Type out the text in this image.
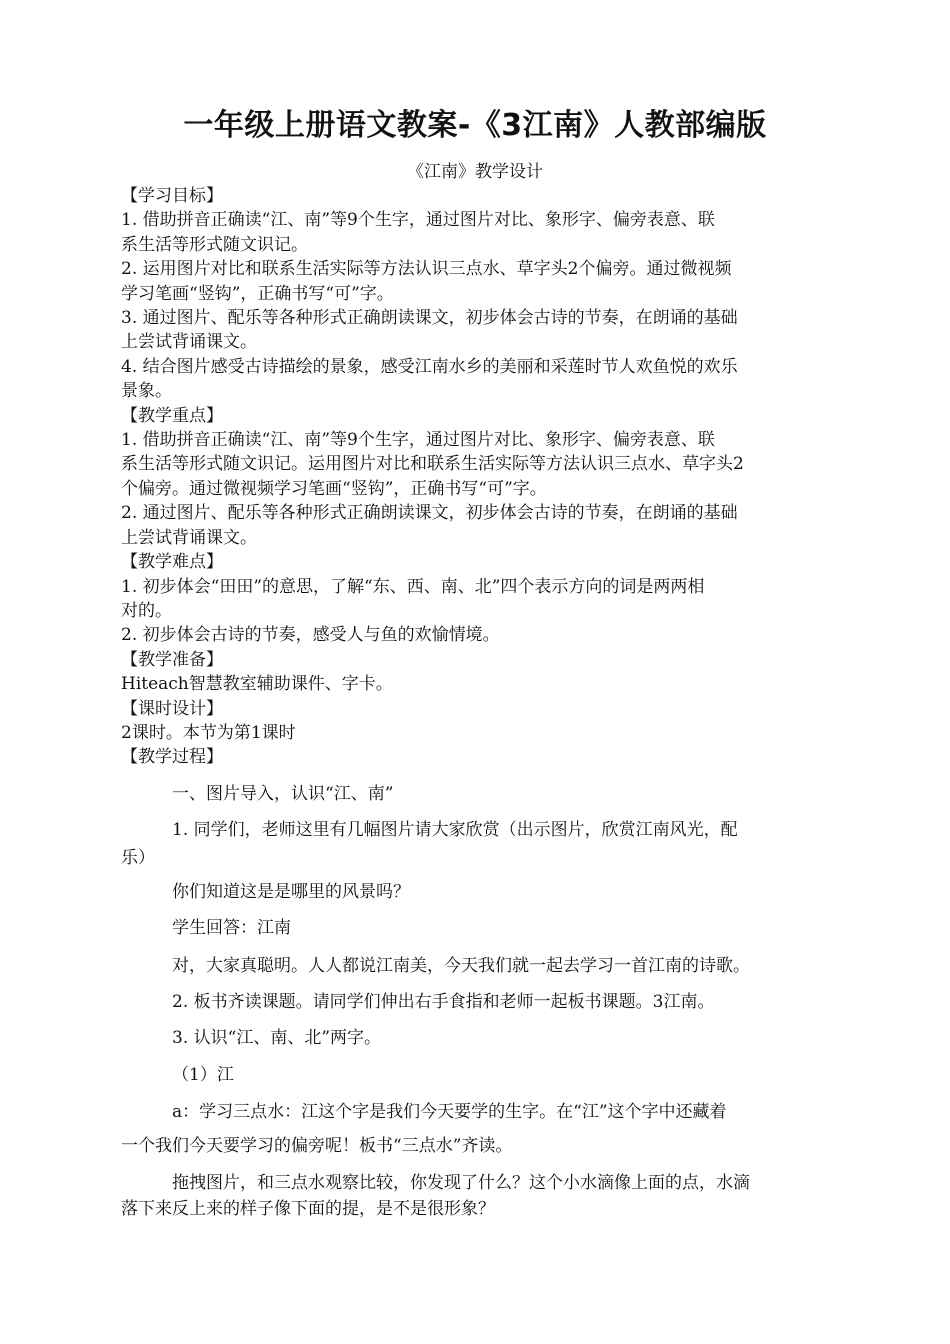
一年级上册语文教案-《3江南》人教部编版

《江南》教学设计

【学习目标】

1. 借助拼音正确读“江、南”等9个生字，通过图片对比、象形字、偏旁表意、联

系生活等形式随文识记。

2. 运用图片对比和联系生活实际等方法认识三点水、草字头2个偏旁。通过微视频

学习笔画“竖钩”，正确书写“可”字。

3. 通过图片、配乐等各种形式正确朗读课文，初步体会古诗的节奏，在朗诵的基础

上尝试背诵课文。

4. 结合图片感受古诗描绘的景象，感受江南水乡的美丽和采莲时节人欢鱼悦的欢乐

景象。

【教学重点】

1. 借助拼音正确读“江、南”等9个生字，通过图片对比、象形字、偏旁表意、联

系生活等形式随文识记。运用图片对比和联系生活实际等方法认识三点水、草字头2

个偏旁。通过微视频学习笔画“竖钩”，正确书写“可”字。

2. 通过图片、配乐等各种形式正确朗读课文，初步体会古诗的节奏，在朗诵的基础

上尝试背诵课文。

【教学难点】

1. 初步体会“田田”的意思，了解“东、西、南、北”四个表示方向的词是两两相

对的。

2. 初步体会古诗的节奏，感受人与鱼的欢愉情境。

【教学准备】

Hiteach智慧教室辅助课件、字卡。

【课时设计】

2课时。本节为第1课时

【教学过程】

一、图片导入，认识“江、南”

1. 同学们，老师这里有几幅图片请大家欣赏（出示图片，欣赏江南风光，配

乐）

你们知道这是是哪里的风景吗？

学生回答：江南

对，大家真聪明。人人都说江南美，今天我们就一起去学习一首江南的诗歌。

2. 板书齐读课题。请同学们伸出右手食指和老师一起板书课题。3江南。

3. 认识“江、南、北”两字。

（1）江

a：学习三点水：江这个字是我们今天要学的生字。在“江”这个字中还藏着

一个我们今天要学习的偏旁呢！板书“三点水”齐读。

拖拽图片，和三点水观察比较，你发现了什么？这个小水滴像上面的点，水滴

落下来反上来的样子像下面的提，是不是很形象？
